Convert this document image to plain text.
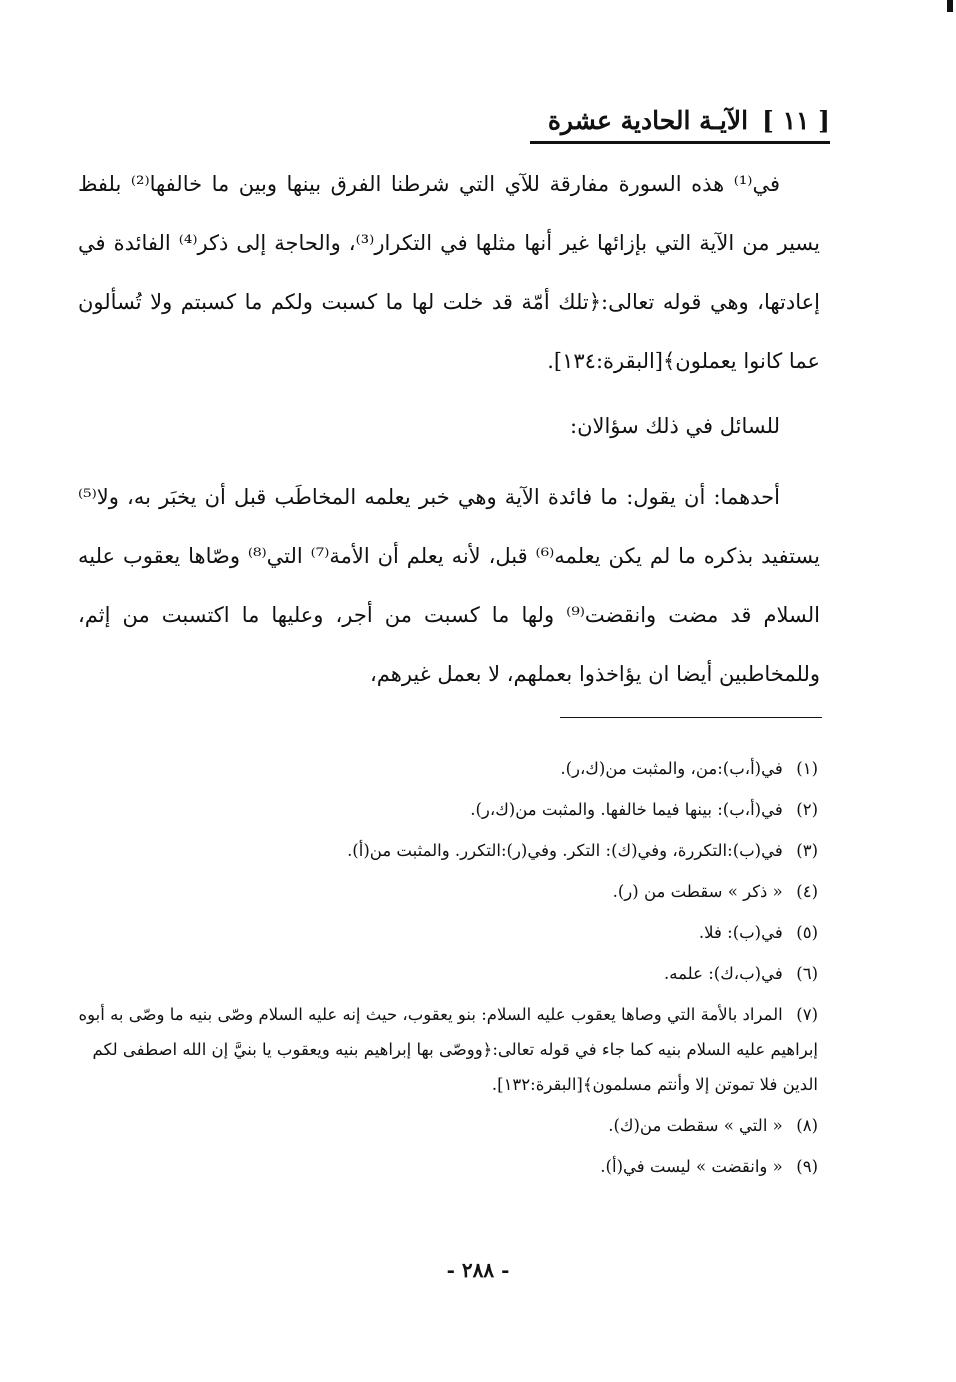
[ ١١ ]
الآيـة الحادية عشرة

في⁽¹⁾ هذه السورة مفارقة للآي التي شرطنا الفرق بينها وبين ما خالفها⁽²⁾ بلفظ يسير من الآية التي بإزائها غير أنها مثلها في التكرار⁽³⁾، والحاجة إلى ذكر⁽⁴⁾ الفائدة في إعادتها، وهي قوله تعالى:﴿تلك أمّة قد خلت لها ما كسبت ولكم ما كسبتم ولا تُسألون عما كانوا يعملون﴾[البقرة:١٣٤].

للسائل في ذلك سؤالان:

أحدهما: أن يقول: ما فائدة الآية وهي خبر يعلمه المخاطَب قبل أن يخبَر به، ولا⁽⁵⁾ يستفيد بذكره ما لم يكن يعلمه⁽⁶⁾ قبل، لأنه يعلم أن الأمة⁽⁷⁾ التي⁽⁸⁾ وصّاها يعقوب عليه السلام قد مضت وانقضت⁽⁹⁾ ولها ما كسبت من أجر، وعليها ما اكتسبت من إثم، وللمخاطبين أيضا ان يؤاخذوا بعملهم، لا بعمل غيرهم،

(١) في(أ،ب):من، والمثبت من(ك،ر).

(٢) في(أ،ب): بينها فيما خالفها. والمثبت من(ك،ر).

(٣) في(ب):التكررة، وفي(ك): التكر. وفي(ر):التكرر. والمثبت من(أ).

(٤) « ذكر » سقطت من (ر).

(٥) في(ب): فلا.

(٦) في(ب،ك): علمه.

(٧) المراد بالأمة التي وصاها يعقوب عليه السلام: بنو يعقوب، حيث إنه عليه السلام وصّى بنيه ما وصّى به أبوه إبراهيم عليه السلام بنيه كما جاء في قوله تعالى:﴿ووصّى بها إبراهيم بنيه ويعقوب يا بنيَّ إن الله اصطفى لكم الدين فلا تموتن إلا وأنتم مسلمون﴾[البقرة:١٣٢].

(٨) « التي » سقطت من(ك).

(٩) « وانقضت » ليست في(أ).

- ٢٨٨ -
